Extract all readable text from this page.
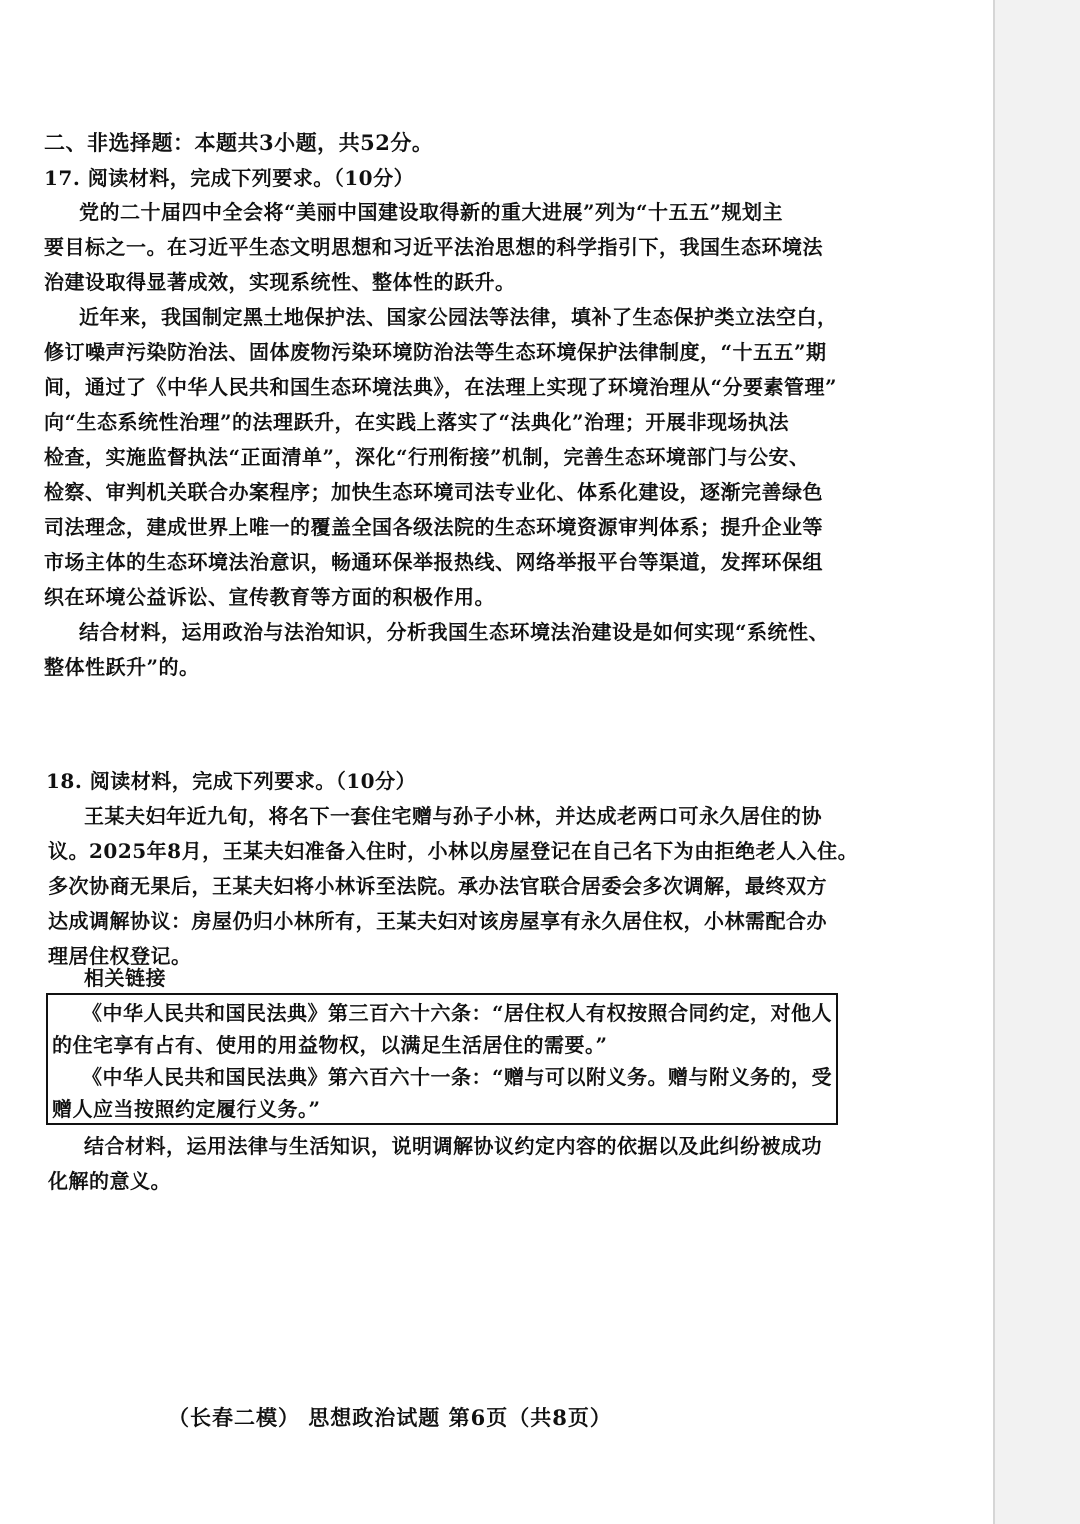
二、非选择题：本题共3小题，共52分。
17. 阅读材料，完成下列要求。（10分）
党的二十届四中全会将“美丽中国建设取得新的重大进展”列为“十五五”规划主
要目标之一。在习近平生态文明思想和习近平法治思想的科学指引下，我国生态环境法
治建设取得显著成效，实现系统性、整体性的跃升。
近年来，我国制定黑土地保护法、国家公园法等法律，填补了生态保护类立法空白，
修订噪声污染防治法、固体废物污染环境防治法等生态环境保护法律制度，“十五五”期
间，通过了《中华人民共和国生态环境法典》，在法理上实现了环境治理从“分要素管理”
向“生态系统性治理”的法理跃升，在实践上落实了“法典化”治理；开展非现场执法
检查，实施监督执法“正面清单”，深化“行刑衔接”机制，完善生态环境部门与公安、
检察、审判机关联合办案程序；加快生态环境司法专业化、体系化建设，逐渐完善绿色
司法理念，建成世界上唯一的覆盖全国各级法院的生态环境资源审判体系；提升企业等
市场主体的生态环境法治意识，畅通环保举报热线、网络举报平台等渠道，发挥环保组
织在环境公益诉讼、宣传教育等方面的积极作用。
结合材料，运用政治与法治知识，分析我国生态环境法治建设是如何实现“系统性、
整体性跃升”的。
18. 阅读材料，完成下列要求。（10分）
王某夫妇年近九旬，将名下一套住宅赠与孙子小林，并达成老两口可永久居住的协
议。2025年8月，王某夫妇准备入住时，小林以房屋登记在自己名下为由拒绝老人入住。
多次协商无果后，王某夫妇将小林诉至法院。承办法官联合居委会多次调解，最终双方
达成调解协议：房屋仍归小林所有，王某夫妇对该房屋享有永久居住权，小林需配合办
理居住权登记。
相关链接
《中华人民共和国民法典》第三百六十六条：“居住权人有权按照合同约定，对他人
的住宅享有占有、使用的用益物权，以满足生活居住的需要。”
《中华人民共和国民法典》第六百六十一条：“赠与可以附义务。赠与附义务的，受
赠人应当按照约定履行义务。”
结合材料，运用法律与生活知识，说明调解协议约定内容的依据以及此纠纷被成功
化解的意义。
（长春二模） 思想政治试题 第6页（共8页）
